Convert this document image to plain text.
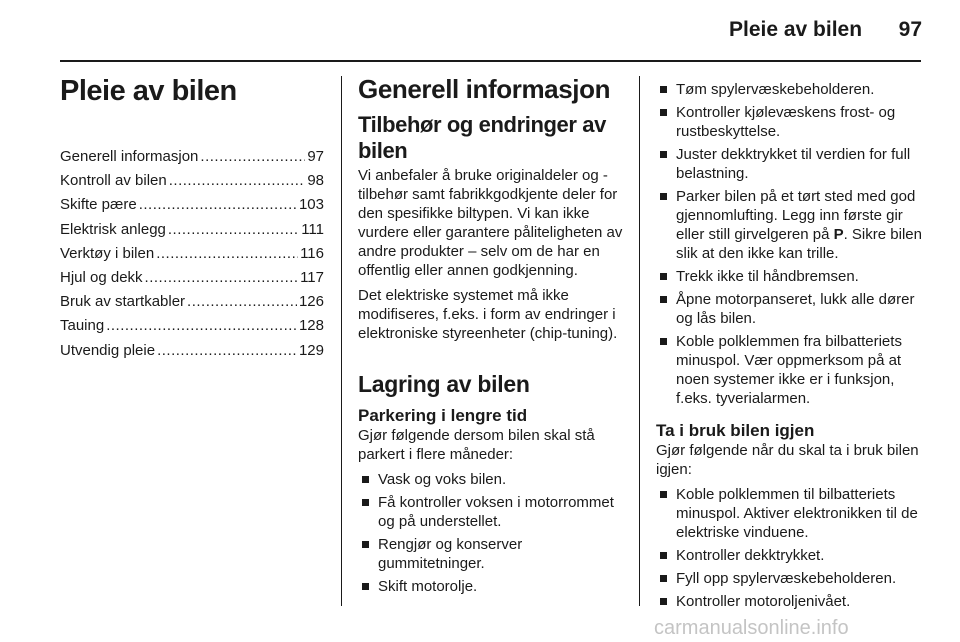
Pleie av bilen	97
Pleie av bilen
Generell informasjon .....	97
Kontroll av bilen .....	98
Skifte pære .....	103
Elektrisk anlegg .....	111
Verktøy i bilen .....	116
Hjul og dekk .....	117
Bruk av startkabler .....	126
Tauing .....	128
Utvendig pleie .....	129
Generell informasjon
Tilbehør og endringer av bilen

Vi anbefaler å bruke originaldeler og -tilbehør samt fabrikkgodkjente deler for den spesifikke biltypen. Vi kan ikke vurdere eller garantere påliteligheten av andre produkter – selv om de har en offentlig eller annen godkjenning.

Det elektriske systemet må ikke modifiseres, f.eks. i form av endringer i elektroniske styreenheter (chip-tuning).

Lagring av bilen
Parkering i lengre tid

Gjør følgende dersom bilen skal stå parkert i flere måneder:

Vask og voks bilen.
Få kontroller voksen i motorrommet og på understellet.
Rengjør og konserver gummitetninger.
Skift motorolje.
Tøm spylervæskebeholderen.
Kontroller kjølevæskens frost- og rustbeskyttelse.
Juster dekktrykket til verdien for full belastning.
Parker bilen på et tørt sted med god gjennomlufting. Legg inn første gir eller still girvelgeren på P. Sikre bilen slik at den ikke kan trille.
Trekk ikke til håndbremsen.
Åpne motorpanseret, lukk alle dører og lås bilen.
Koble polklemmen fra bilbatteriets minuspol. Vær oppmerksom på at noen systemer ikke er i funksjon, f.eks. tyverialarmen.
Ta i bruk bilen igjen

Gjør følgende når du skal ta i bruk bilen igjen:

Koble polklemmen til bilbatteriets minuspol. Aktiver elektronikken til de elektriske vinduene.
Kontroller dekktrykket.
Fyll opp spylervæskebeholderen.
Kontroller motoroljenivået.
carmanualsonline.info
